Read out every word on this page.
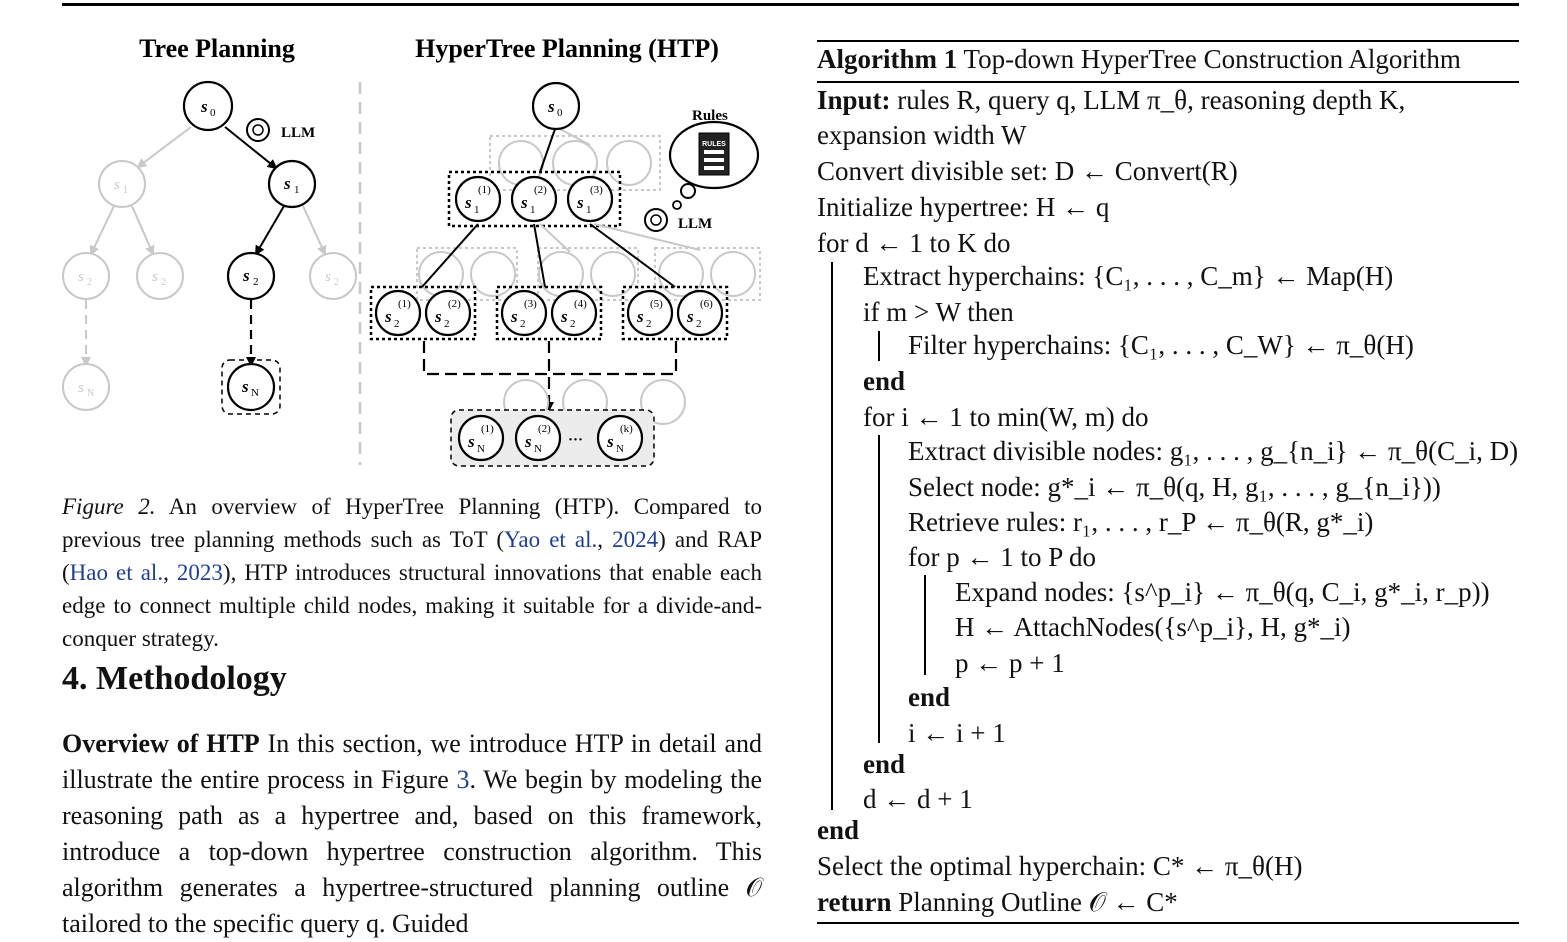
Tree Planning	HyperTree Planning (HTP)
s 0
s 1	s 1
s 2	s 2	s 2	s 2
s N	s N
LLM
s 0
s 1
(1)
s 1
(2)
s 1
(3)
s 2
(1)
s 2
(2)
s 2
(3)
s 2
(4)
s 2
(5)
s 2
(6)
s N
(1)
s N
(2)
··· s N
(k)
RULES
Rules
LLM
Figure 2. An overview of HyperTree Planning (HTP). Compared to previous tree planning methods such as ToT (Yao et al., 2024) and RAP (Hao et al., 2023), HTP introduces structural innovations that enable each edge to connect multiple child nodes, making it suitable for a divide-and-conquer strategy.
4. Methodology
Overview of HTP In this section, we introduce HTP in detail and illustrate the entire process in Figure 3. We begin by modeling the reasoning path as a hypertree and, based on this framework, introduce a top-down hypertree construction algorithm. This algorithm generates a hypertree-structured planning outline 𝒪 tailored to the specific query q. Guided
Algorithm 1 Top-down HyperTree Construction Algorithm
Input: rules R, query q, LLM π_θ, reasoning depth K,
expansion width W
Convert divisible set: D ← Convert(R)
Initialize hypertree: H ← q
for d ← 1 to K do
Extract hyperchains: {C₁, . . . , C_m} ← Map(H)
if m > W then
Filter hyperchains: {C₁, . . . , C_W} ← π_θ(H)
end
for i ← 1 to min(W, m) do
Extract divisible nodes: g₁, . . . , g_{n_i} ← π_θ(C_i, D)
Select node: g*_i ← π_θ(q, H, g₁, . . . , g_{n_i}))
Retrieve rules: r₁, . . . , r_P ← π_θ(R, g*_i)
for p ← 1 to P do
Expand nodes: {s^p_i} ← π_θ(q, C_i, g*_i, r_p))
H ← AttachNodes({s^p_i}, H, g*_i)
p ← p + 1
end
i ← i + 1
end
d ← d + 1
end
Select the optimal hyperchain: C* ← π_θ(H)
return Planning Outline 𝒪 ← C*
